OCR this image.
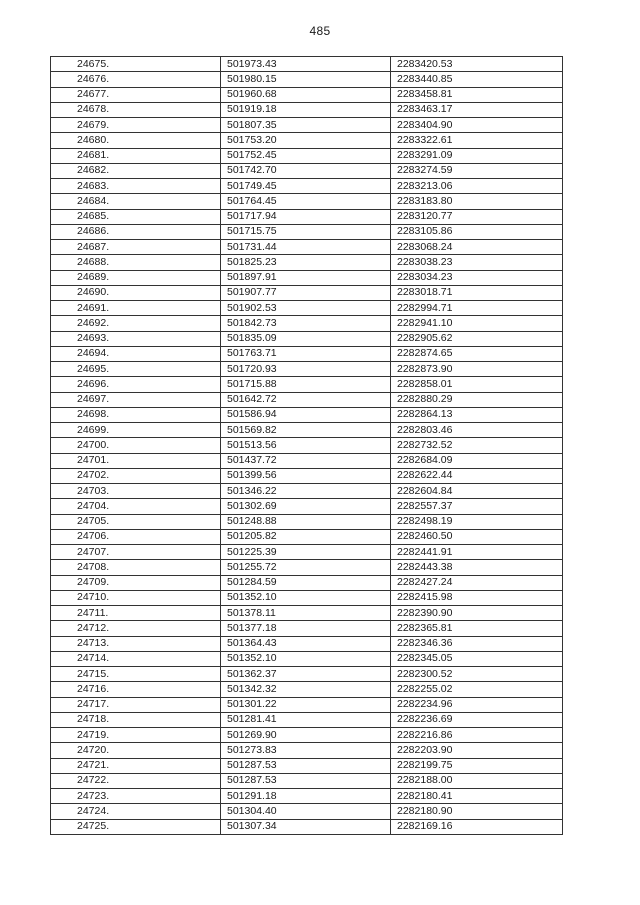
485
24675.	501973.43	2283420.53
24676.	501980.15	2283440.85
24677.	501960.68	2283458.81
24678.	501919.18	2283463.17
24679.	501807.35	2283404.90
24680.	501753.20	2283322.61
24681.	501752.45	2283291.09
24682.	501742.70	2283274.59
24683.	501749.45	2283213.06
24684.	501764.45	2283183.80
24685.	501717.94	2283120.77
24686.	501715.75	2283105.86
24687.	501731.44	2283068.24
24688.	501825.23	2283038.23
24689.	501897.91	2283034.23
24690.	501907.77	2283018.71
24691.	501902.53	2282994.71
24692.	501842.73	2282941.10
24693.	501835.09	2282905.62
24694.	501763.71	2282874.65
24695.	501720.93	2282873.90
24696.	501715.88	2282858.01
24697.	501642.72	2282880.29
24698.	501586.94	2282864.13
24699.	501569.82	2282803.46
24700.	501513.56	2282732.52
24701.	501437.72	2282684.09
24702.	501399.56	2282622.44
24703.	501346.22	2282604.84
24704.	501302.69	2282557.37
24705.	501248.88	2282498.19
24706.	501205.82	2282460.50
24707.	501225.39	2282441.91
24708.	501255.72	2282443.38
24709.	501284.59	2282427.24
24710.	501352.10	2282415.98
24711.	501378.11	2282390.90
24712.	501377.18	2282365.81
24713.	501364.43	2282346.36
24714.	501352.10	2282345.05
24715.	501362.37	2282300.52
24716.	501342.32	2282255.02
24717.	501301.22	2282234.96
24718.	501281.41	2282236.69
24719.	501269.90	2282216.86
24720.	501273.83	2282203.90
24721.	501287.53	2282199.75
24722.	501287.53	2282188.00
24723.	501291.18	2282180.41
24724.	501304.40	2282180.90
24725.	501307.34	2282169.16
